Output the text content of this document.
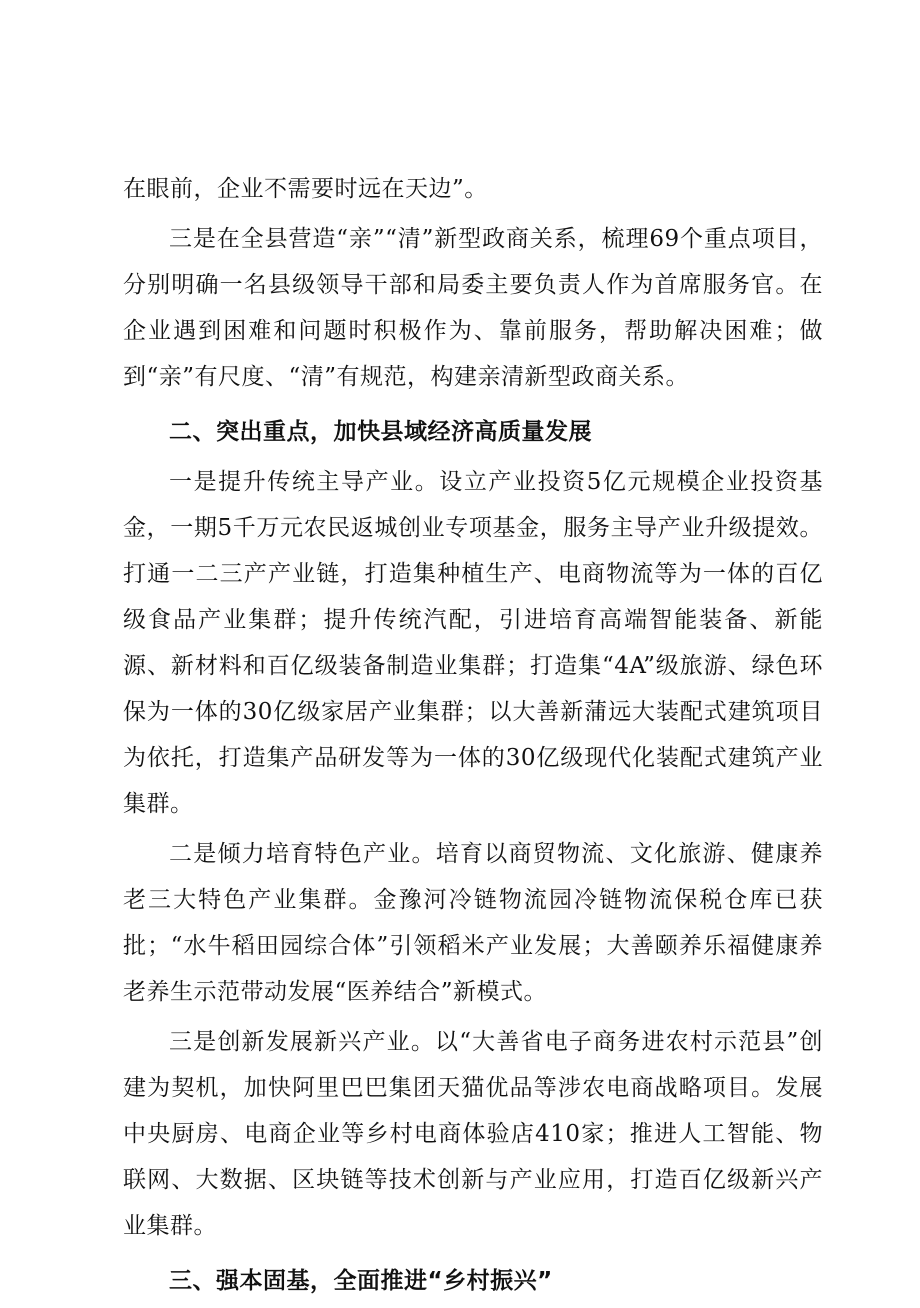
在眼前，企业不需要时远在天边”。

三是在全县营造“亲”“清”新型政商关系，梳理69个重点项目，分别明确一名县级领导干部和局委主要负责人作为首席服务官。在企业遇到困难和问题时积极作为、靠前服务，帮助解决困难；做到“亲”有尺度、“清”有规范，构建亲清新型政商关系。

二、突出重点，加快县域经济高质量发展

一是提升传统主导产业。设立产业投资5亿元规模企业投资基金，一期5千万元农民返城创业专项基金，服务主导产业升级提效。打通一二三产产业链，打造集种植生产、电商物流等为一体的百亿级食品产业集群；提升传统汽配，引进培育高端智能装备、新能源、新材料和百亿级装备制造业集群；打造集“4A”级旅游、绿色环保为一体的30亿级家居产业集群；以大善新蒲远大装配式建筑项目为依托，打造集产品研发等为一体的30亿级现代化装配式建筑产业集群。

二是倾力培育特色产业。培育以商贸物流、文化旅游、健康养老三大特色产业集群。金豫河冷链物流园冷链物流保税仓库已获批；“水牛稻田园综合体”引领稻米产业发展；大善颐养乐福健康养老养生示范带动发展“医养结合”新模式。

三是创新发展新兴产业。以“大善省电子商务进农村示范县”创建为契机，加快阿里巴巴集团天猫优品等涉农电商战略项目。发展中央厨房、电商企业等乡村电商体验店410家；推进人工智能、物联网、大数据、区块链等技术创新与产业应用，打造百亿级新兴产业集群。

三、强本固基，全面推进“乡村振兴”
